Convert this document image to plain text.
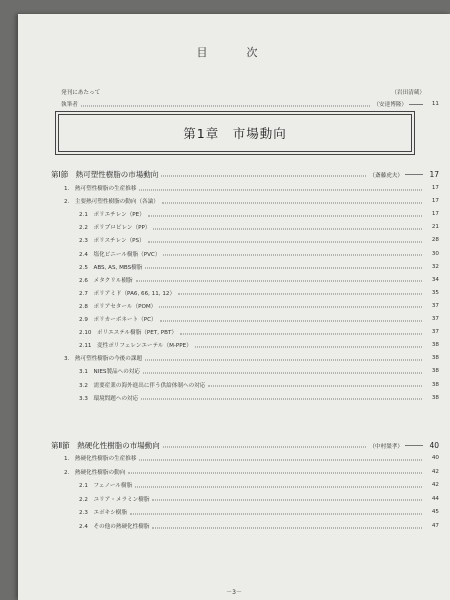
目　次
発刊にあたって	（岩田清蔵）
執筆者	（安達博隆）	11
第1章　市場動向
第Ⅰ節　熱可塑性樹脂の市場動向	（斎藤虎夫）	17
1.　熱可塑性樹脂の生産推移	17
2.　主要熱可塑性樹脂の動向（各論）	17
2.1　ポリエチレン（PE）	17
2.2　ポリプロピレン（PP）	21
2.3　ポリスチレン（PS）	28
2.4　塩化ビニール樹脂（PVC）	30
2.5　ABS, AS, MBS樹脂	32
2.6　メタクリル樹脂	34
2.7　ポリアミド（PA6, 66, 11, 12）	35
2.8　ポリアセタール（POM）	37
2.9　ポリカーボネート（PC）	37
2.10　ポリエステル樹脂（PET, PBT）	37
2.11　変性ポリフェレンエーテル（M-PPE）	38
3.　熱可塑性樹脂の今後の課題	38
3.1　NIES製品への対応	38
3.2　需要産業の海外進出に伴う供給体制への対応	38
3.3　環境問題への対応	38
第Ⅱ節　熱硬化性樹脂の市場動向	（中村榮孝）	40
1.　熱硬化性樹脂の生産推移	40
2.　熱硬化性樹脂の動向	42
2.1　フェノール樹脂	42
2.2　ユリア・メラミン樹脂	44
2.3　エポキシ樹脂	45
2.4　その他の熱硬化性樹脂	47
－3－
